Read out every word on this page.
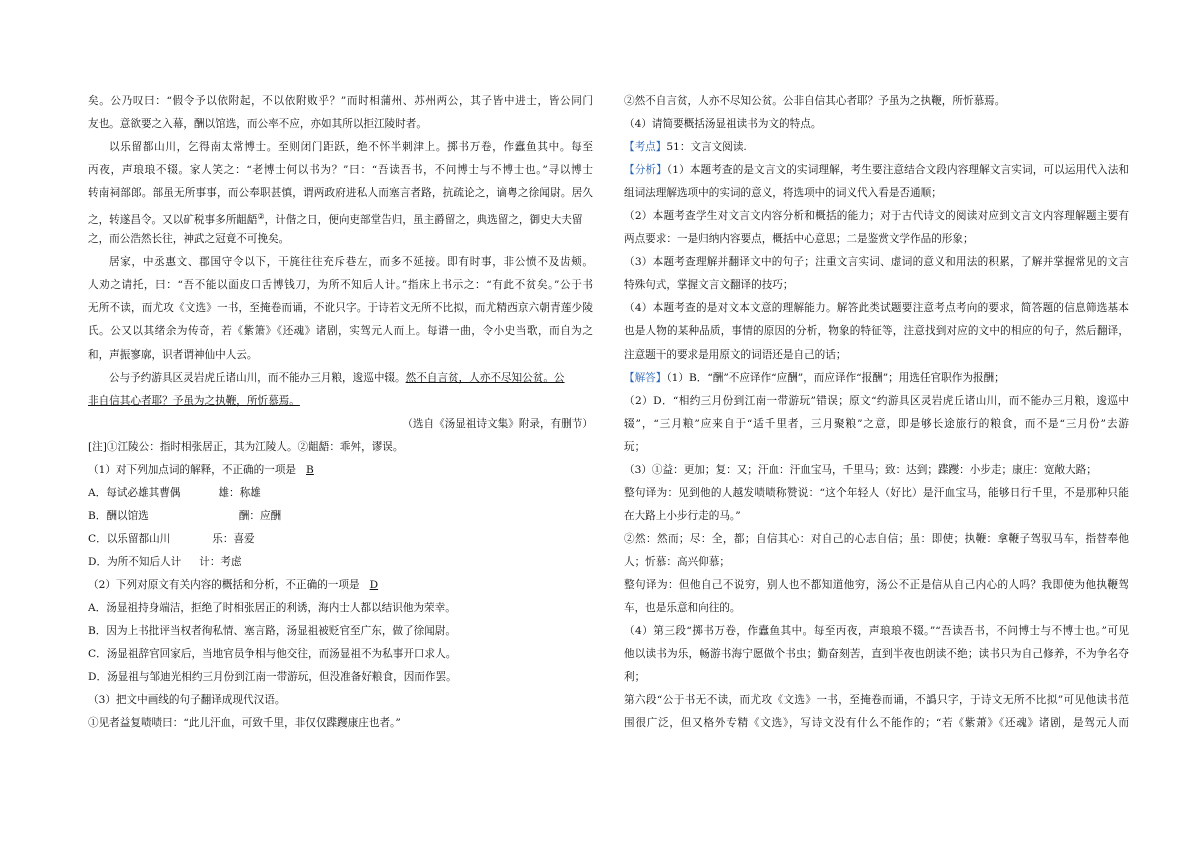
矣。公乃叹曰：“假令予以依附起，不以依附败乎？”而时相蒲州、苏州两公，其子皆中进士，皆公同门
友也。意欲要之入幕，酬以馆选，而公率不应，亦如其所以拒江陵时者。
以乐留都山川，乞得南太常博士。至则闭门距跃，绝不怀半刺津上。掷书万卷，作蠹鱼其中。每至
丙夜，声琅琅不辍。家人笑之：“老博士何以书为？”曰：“吾读吾书，不问博士与不博士也。”寻以博士
转南祠部郎。部虽无所事事，而公奉职甚慎，谓两政府进私人而塞言者路，抗疏论之，谪粤之徐闻尉。居久
之，转遂昌令。又以矿税事多所龃龉②，计偕之日，便向吏部堂告归，虽主爵留之，典选留之，御史大夫留
之，而公浩然长往，神武之冠竟不可挽矣。
居家，中丞惠文、郡国守令以下，干旄往往充斥巷左，而多不延接。即有时事，非公愤不及齿颊。
人劝之请托，曰：“吾不能以面皮口舌博钱刀，为所不知后人计。”指床上书示之：“有此不贫矣。”公于书
无所不读，而尤攻《文选》一书，至掩卷而诵，不讹只字。于诗若文无所不比拟，而尤精西京六朝青莲少陵
氏。公又以其绪余为传奇，若《紫箫》《还魂》诸剧，实驾元人而上。每谱一曲，令小史当歌，而自为之
和，声振寥廓，识者谓神仙中人云。
公与予约游具区灵岩虎丘诸山川，而不能办三月粮，逡巡中辍。然不自言贫，人亦不尽知公贫。公
非自信其心者耶？予虽为之执鞭，所忻慕焉。
（选自《汤显祖诗文集》附录，有删节）
[注]①江陵公：指时相张居正，其为江陵人。②龃龉：乖舛，谬误。
（1）对下列加点词的解释，不正确的一项是 B
A．每试必雄其曹偶	雄：称雄
B．酬以馆选	酬：应酬
C．以乐留都山川	乐：喜爱
D．为所不知后人计 计：考虑
（2）下列对原文有关内容的概括和分析，不正确的一项是 D
A．汤显祖持身端洁，拒绝了时相张居正的利诱，海内士人都以结识他为荣幸。
B．因为上书批评当权者徇私情、塞言路，汤显祖被贬官至广东，做了徐闻尉。
C．汤显祖辞官回家后，当地官员争相与他交往，而汤显祖不为私事开口求人。
D．汤显祖与邹迪光相约三月份到江南一带游玩，但没准备好粮食，因而作罢。
（3）把文中画线的句子翻译成现代汉语。
①见者益复啧啧曰：“此儿汗血，可致千里，非仅仅蹀躞康庄也者。”
②然不自言贫，人亦不尽知公贫。公非自信其心者耶？予虽为之执鞭，所忻慕焉。
（4）请简要概括汤显祖读书为文的特点。
【考点】51：文言文阅读.
【分析】（1）本题考查的是文言文的实词理解，考生要注意结合文段内容理解文言实词，可以运用代入法和
组词法理解选项中的实词的意义，将选项中的词义代入看是否通顺；
（2）本题考查学生对文言文内容分析和概括的能力；对于古代诗文的阅读对应到文言文内容理解题主要有
两点要求：一是归纳内容要点，概括中心意思；二是鉴赏文学作品的形象；
（3）本题考查理解并翻译文中的句子；注重文言实词、虚词的意义和用法的积累，了解并掌握常见的文言
特殊句式，掌握文言文翻译的技巧；
（4）本题考查的是对文本文意的理解能力。解答此类试题要注意考点考向的要求，简答题的信息筛选基本
也是人物的某种品质，事情的原因的分析，物象的特征等，注意找到对应的文中的相应的句子，然后翻译，
注意题干的要求是用原文的词语还是自己的话；
【解答】（1）B．“酬”不应译作“应酬”，而应译作“报酬”；用选任官职作为报酬；
（2）D．“相约三月份到江南一带游玩”错误；原文“约游具区灵岩虎丘诸山川，而不能办三月粮，逡巡中
辍”，“三月粮”应来自于“适千里者，三月聚粮”之意，即是够长途旅行的粮食，而不是“三月份”去游
玩；
（3）①益：更加；复：又；汗血：汗血宝马，千里马；致：达到；蹀躞：小步走；康庄：宽敞大路；
整句译为：见到他的人越发啧啧称赞说：“这个年轻人（好比）是汗血宝马，能够日行千里，不是那种只能
在大路上小步行走的马。”
②然：然而；尽：全，都；自信其心：对自己的心志自信；虽：即使；执鞭：拿鞭子驾驭马车，指替奉他
人；忻慕：高兴仰慕；
整句译为：但他自己不说穷，别人也不都知道他穷，汤公不正是信从自己内心的人吗？我即使为他执鞭驾
车，也是乐意和向往的。
（4）第三段“掷书万卷，作蠹鱼其中。每至丙夜，声琅琅不辍。”“吾读吾书，不问博士与不博士也。”可见
他以读书为乐，畅游书海宁愿做个书虫；勤奋刻苦，直到半夜也朗读不绝；读书只为自己修养，不为争名夺
利；
第六段“公于书无不读，而尤攻《文选》一书，至掩卷而诵，不譌只字，于诗文无所不比拟”可见他读书范
围很广泛，但又格外专精《文选》，写诗文没有什么不能作的；“若《紫萧》《还魂》诸剧，是驾元人而
